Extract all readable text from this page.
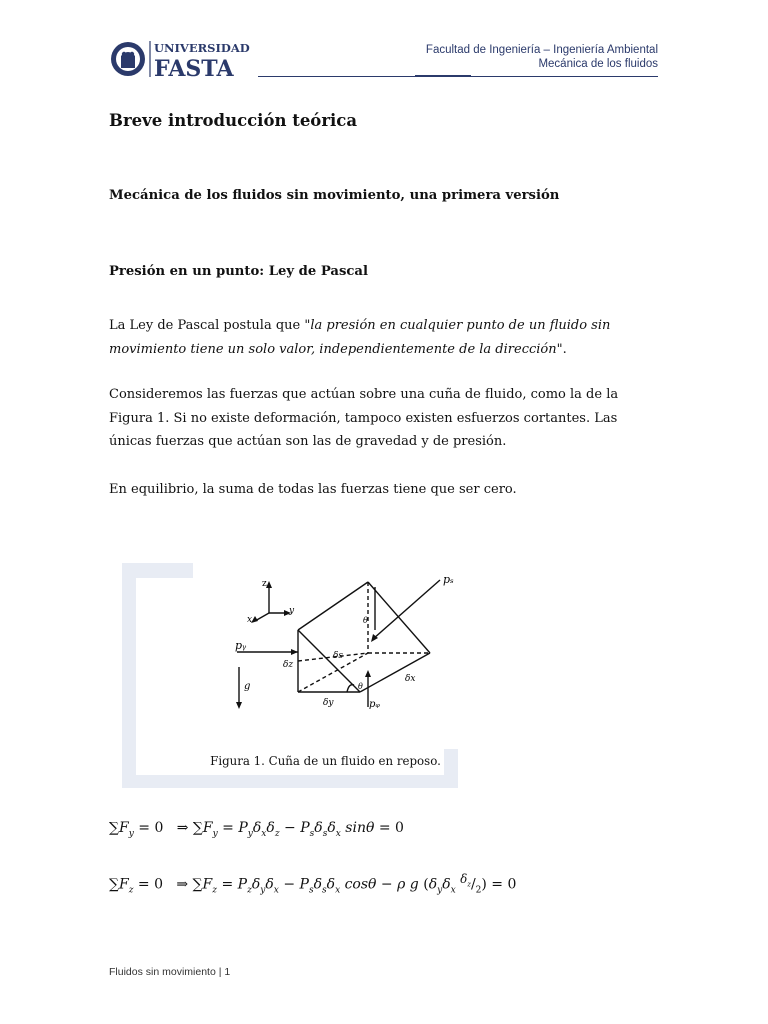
UNIVERSIDAD
FASTA
Facultad de Ingeniería – Ingeniería Ambiental
Mecánica de los fluidos
Breve introducción teórica
Mecánica de los fluidos sin movimiento, una primera versión
Presión en un punto: Ley de Pascal
La Ley de Pascal postula que "la presión en cualquier punto de un fluido sin movimiento tiene un solo valor, independientemente de la dirección".
Consideremos las fuerzas que actúan sobre una cuña de fluido, como la de la Figura 1. Si no existe deformación, tampoco existen esfuerzos cortantes. Las únicas fuerzas que actúan son las de gravedad y de presión.
En equilibrio, la suma de todas las fuerzas tiene que ser cero.
z
x
y
pᵧ
pₛ
pᵩ
δz
δs
δx
δy
θ
θ
g
Figura 1. Cuña de un fluido en reposo.
$\sum F_y = 0$   ⇒ $\sum F_y = P_y\delta_x\delta_z - P_s\delta_s\delta_x$ sinθ = 0
$\sum F_z = 0$   ⇒ $\sum F_z = P_z\delta_y\delta_x - P_s\delta_s\delta_x$ cosθ − ρ g ($\delta_y\delta_x$ $^{\delta_z}/_2) = 0$
Fluidos sin movimiento | 1
